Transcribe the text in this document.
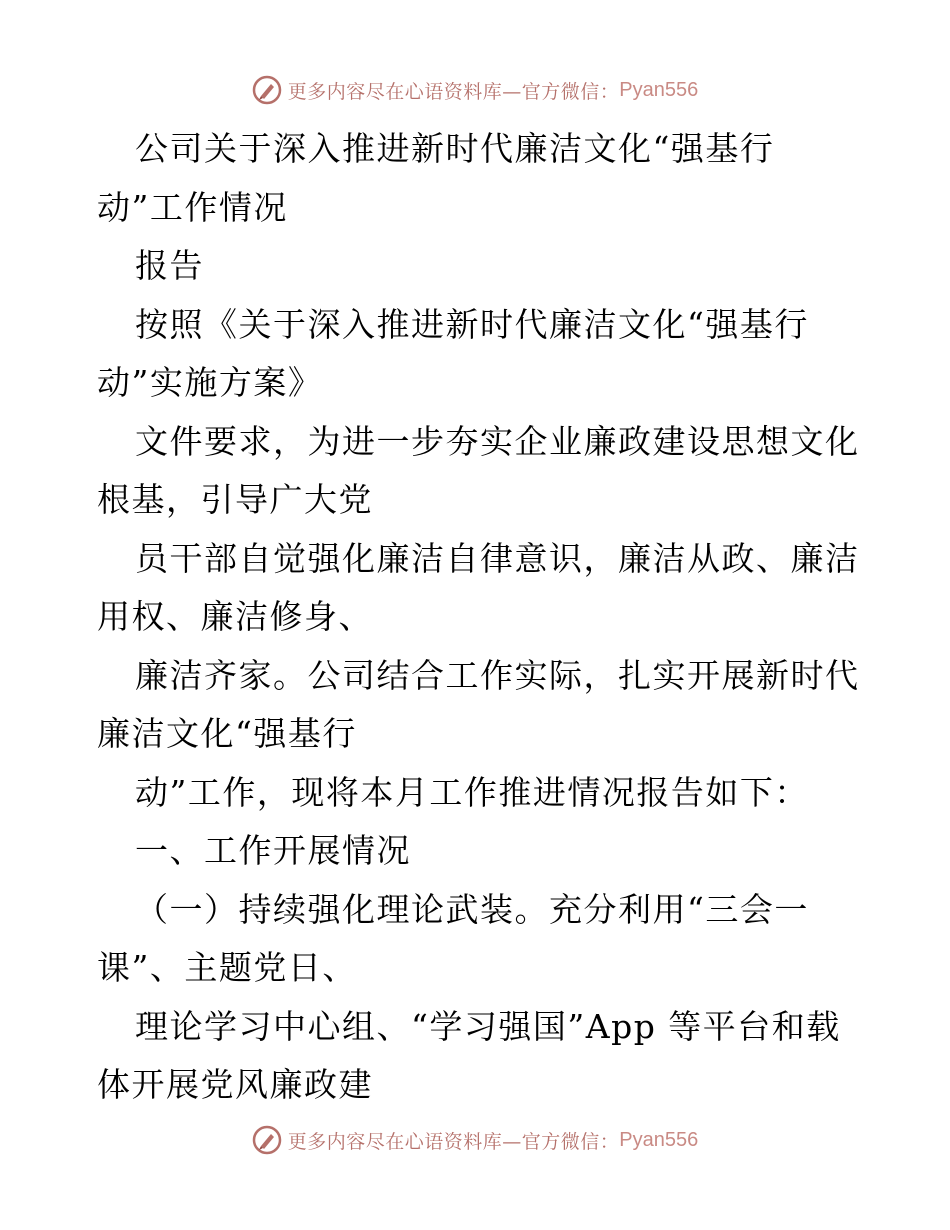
更多内容尽在心语资料库—官方微信： Pyan556
公司关于深入推进新时代廉洁文化“强基行
动”工作情况
报告
按照《关于深入推进新时代廉洁文化“强基行
动”实施方案》
文件要求，为进一步夯实企业廉政建设思想文化
根基，引导广大党
员干部自觉强化廉洁自律意识，廉洁从政、廉洁
用权、廉洁修身、
廉洁齐家。公司结合工作实际，扎实开展新时代
廉洁文化“强基行
动”工作，现将本月工作推进情况报告如下：
一、工作开展情况
（一）持续强化理论武装。充分利用“三会一
课”、主题党日、
理论学习中心组、“学习强国”App 等平台和载
体开展党风廉政建
更多内容尽在心语资料库—官方微信： Pyan556
